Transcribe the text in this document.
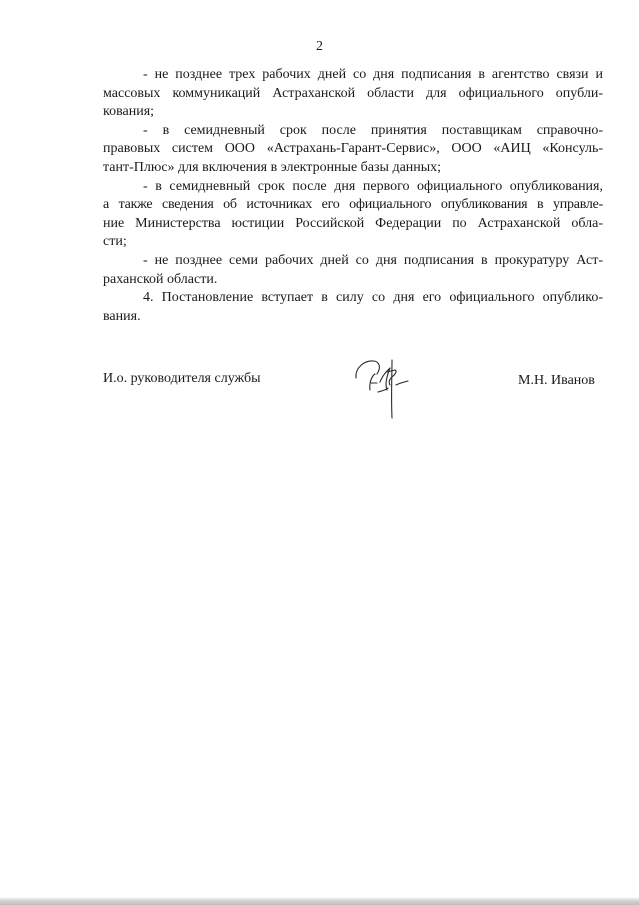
2

- не позднее трех рабочих дней со дня подписания в агентство связи и
массовых коммуникаций Астраханской области для официального опубли-
кования;

- в семидневный срок после принятия поставщикам справочно-
правовых систем ООО «Астрахань-Гарант-Сервис», ООО «АИЦ «Консуль-
тант-Плюс» для включения в электронные базы данных;

- в семидневный срок после дня первого официального опубликования,
а также сведения об источниках его официального опубликования в управле-
ние Министерства юстиции Российской Федерации по Астраханской обла-
сти;

- не позднее семи рабочих дней со дня подписания в прокуратуру Аст-
раханской области.

4. Постановление вступает в силу со дня его официального опублико-
вания.

И.о. руководителя службы	М.Н. Иванов
